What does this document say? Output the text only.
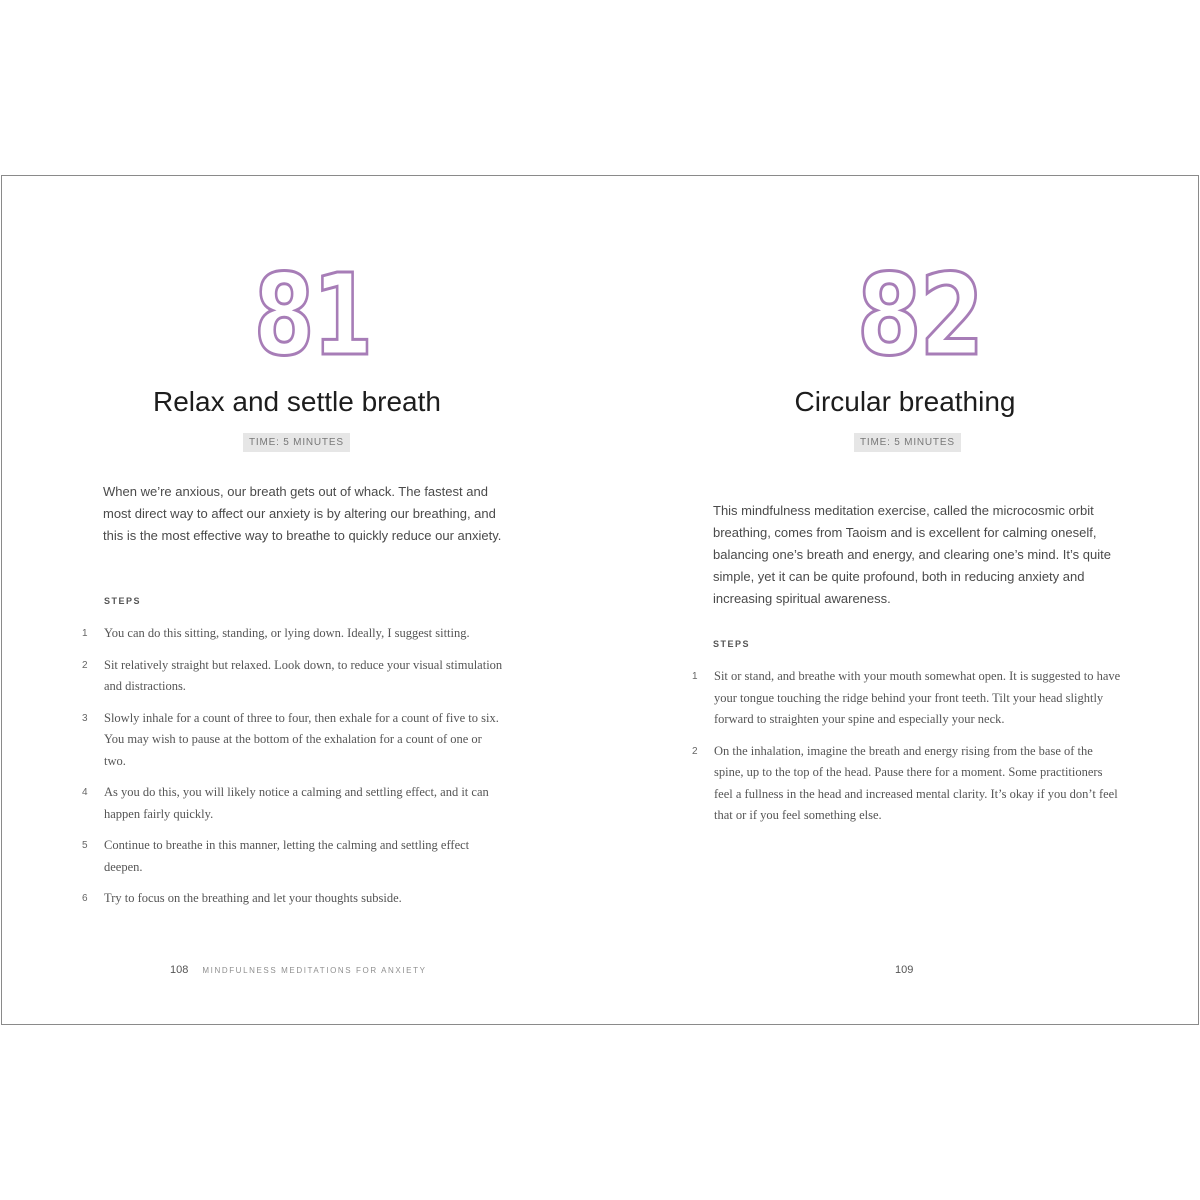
81
Relax and settle breath
TIME: 5 MINUTES
When we’re anxious, our breath gets out of whack. The fastest and most direct way to affect our anxiety is by altering our breathing, and this is the most effective way to breathe to quickly reduce our anxiety.
STEPS
1 You can do this sitting, standing, or lying down. Ideally, I suggest sitting.
2 Sit relatively straight but relaxed. Look down, to reduce your visual stimulation and distractions.
3 Slowly inhale for a count of three to four, then exhale for a count of five to six. You may wish to pause at the bottom of the exhalation for a count of one or two.
4 As you do this, you will likely notice a calming and settling effect, and it can happen fairly quickly.
5 Continue to breathe in this manner, letting the calming and settling effect deepen.
6 Try to focus on the breathing and let your thoughts subside.
108 MINDFULNESS MEDITATIONS FOR ANXIETY
82
Circular breathing
TIME: 5 MINUTES
This mindfulness meditation exercise, called the microcosmic orbit breathing, comes from Taoism and is excellent for calming oneself, balancing one’s breath and energy, and clearing one’s mind. It’s quite simple, yet it can be quite profound, both in reducing anxiety and increasing spiritual awareness.
STEPS
1 Sit or stand, and breathe with your mouth somewhat open. It is suggested to have your tongue touching the ridge behind your front teeth. Tilt your head slightly forward to straighten your spine and especially your neck.
2 On the inhalation, imagine the breath and energy rising from the base of the spine, up to the top of the head. Pause there for a moment. Some practitioners feel a fullness in the head and increased mental clarity. It’s okay if you don’t feel that or if you feel something else.
109
